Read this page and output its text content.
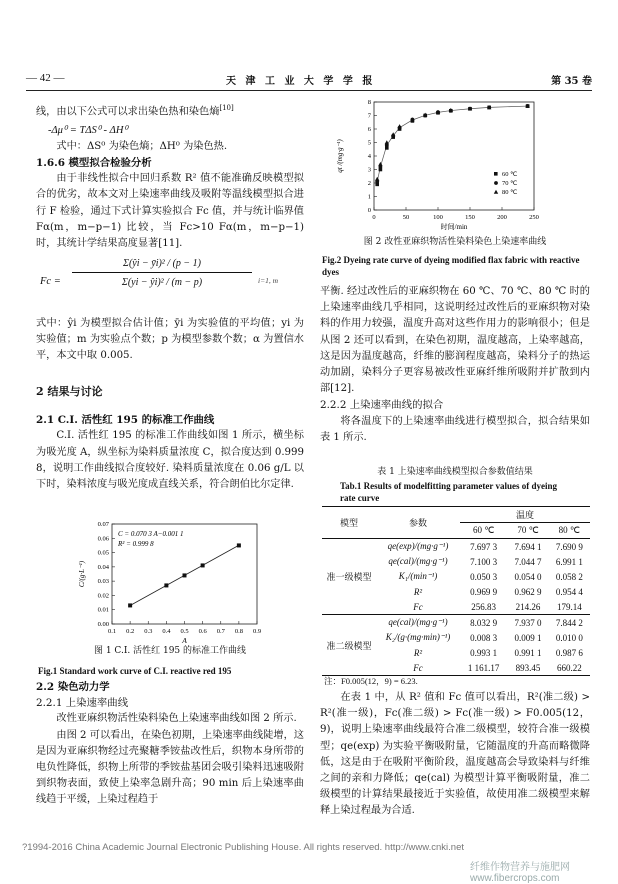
— 42 —	天 津 工 业 大 学 学 报	第 35 卷

线，由以下公式可以求出染色热和染色熵[10]

-Δμ⁰ = TΔS⁰ - ΔH⁰

式中：ΔS⁰ 为染色熵；ΔH⁰ 为染色热.

1.6.6 模型拟合检验分析

由于非线性拟合中回归系数 R² 值不能准确反映模型拟合的优劣，故本文对上染速率曲线及吸附等温线模型拟合进行 F 检验，通过下式计算实验拟合 Fc 值，并与统计临界值 Fα(m，m−p−1) 比较，当 Fc>10 Fα(m，m−p−1) 时，其统计学结果高度显著[11].

$Fc = \frac{\text{Σ(ŷi − ȳi)² / (p − 1)}}{\text{Σ(yi − ŷi)² / (m − p)}} i=1$, m

式中：ŷi 为模型拟合估计值；ȳi 为实验值的平均值；yi 为实验值；m 为实验点个数；p 为模型参数个数；α 为置信水平，本文中取 0.005.

2 结果与讨论

2.1 C.I. 活性红 195 的标准工作曲线

C.I. 活性红 195 的标准工作曲线如图 1 所示，横坐标为吸光度 A，纵坐标为染料质量浓度 C，拟合度达到 0.999 8，说明工作曲线拟合度较好. 染料质量浓度在 0.06 g/L 以下时，染料浓度与吸光度成直线关系，符合朗伯比尔定律.

0.1 0.2 0.3 0.4 0.5 0.6 0.7 0.8 0.9
0.00
0.01
0.02
0.03
0.04
0.05
0.06
0.07
C = 0.070 3 A−0.001 1
R² = 0.999 8
A
C/(g·L⁻¹)
图 1 C.I. 活性红 195 的标准工作曲线
Fig.1 Standard work curve of C.I. reactive red 195

2.2 染色动力学

2.2.1 上染速率曲线

改性亚麻织物活性染料染色上染速率曲线如图 2 所示.

由图 2 可以看出，在染色初期，上染速率曲线陡增，这是因为亚麻织物经过壳聚糖季铵盐改性后，织物本身所带的电负性降低，织物上所带的季铵盐基团会吸引染料迅速吸附到织物表面，致使上染率急剧升高；90 min 后上染速率曲线趋于平缓，上染过程趋于

0	50	100	150	200	250
0
1
2
3
4
5
6
7
8
60 ℃
70 ℃
80 ℃
时间/min
qt /(mg·g⁻¹)
图 2 改性亚麻织物活性染料染色上染速率曲线
Fig.2 Dyeing rate curve of dyeing modified flax fabric with reactive dyes

平衡. 经过改性后的亚麻织物在 60 ℃、70 ℃、80 ℃ 时的上染速率曲线几乎相同，这说明经过改性后的亚麻织物对染料的作用力较强，温度升高对这些作用力的影响很小；但是从图 2 还可以看到，在染色初期，温度越高，上染率越高，这是因为温度越高，纤维的膨润程度越高，染料分子的热运动加剧，染料分子更容易被改性亚麻纤维所吸附并扩散到内部[12].

2.2.2 上染速率曲线的拟合

将各温度下的上染速率曲线进行模型拟合，拟合结果如表 1 所示.

表 1 上染速率曲线模型拟合参数值结果
Tab.1 Results of modelfitting parameter values of dyeing rate curve
模型	参数	温度		
		60 ℃	70 ℃	80 ℃
准一级模型	qe(exp)/(mg·g⁻¹)	7.697 3	7.694 1	7.690 9
	qe(cal)/(mg·g⁻¹)	7.100 3	7.044 7	6.991 1
	K₁/(min⁻¹)	0.050 3	0.054 0	0.058 2
	R²	0.969 9	0.962 9	0.954 4
	Fc	256.83	214.26	179.14
准二级模型	qe(cal)/(mg·g⁻¹)	8.032 9	7.937 0	7.844 2
	K₂/(g·(mg·min)⁻¹)	0.008 3	0.009 1	0.010 0
	R²	0.993 1	0.991 1	0.987 6
	Fc	1 161.17	893.45	660.22
注：F0.005(12，9) = 6.23.

在表 1 中，从 R² 值和 Fc 值可以看出，R²(准二级) > R²(准一级)，Fc(准二级) > Fc(准一级) > F0.005(12，9)，说明上染速率曲线最符合准二级模型，较符合准一级模型；qe(exp) 为实验平衡吸附量，它随温度的升高而略微降低，这是由于在吸附平衡阶段，温度越高会导致染料与纤维之间的亲和力降低；qe(cal) 为模型计算平衡吸附量，准二级模型的计算结果最接近于实验值，故使用准二级模型来解释上染过程最为合适.

?1994-2016 China Academic Journal Electronic Publishing House. All rights reserved. http://www.cnki.net
纤维作物营养与施肥网 www.fibercrops.com
